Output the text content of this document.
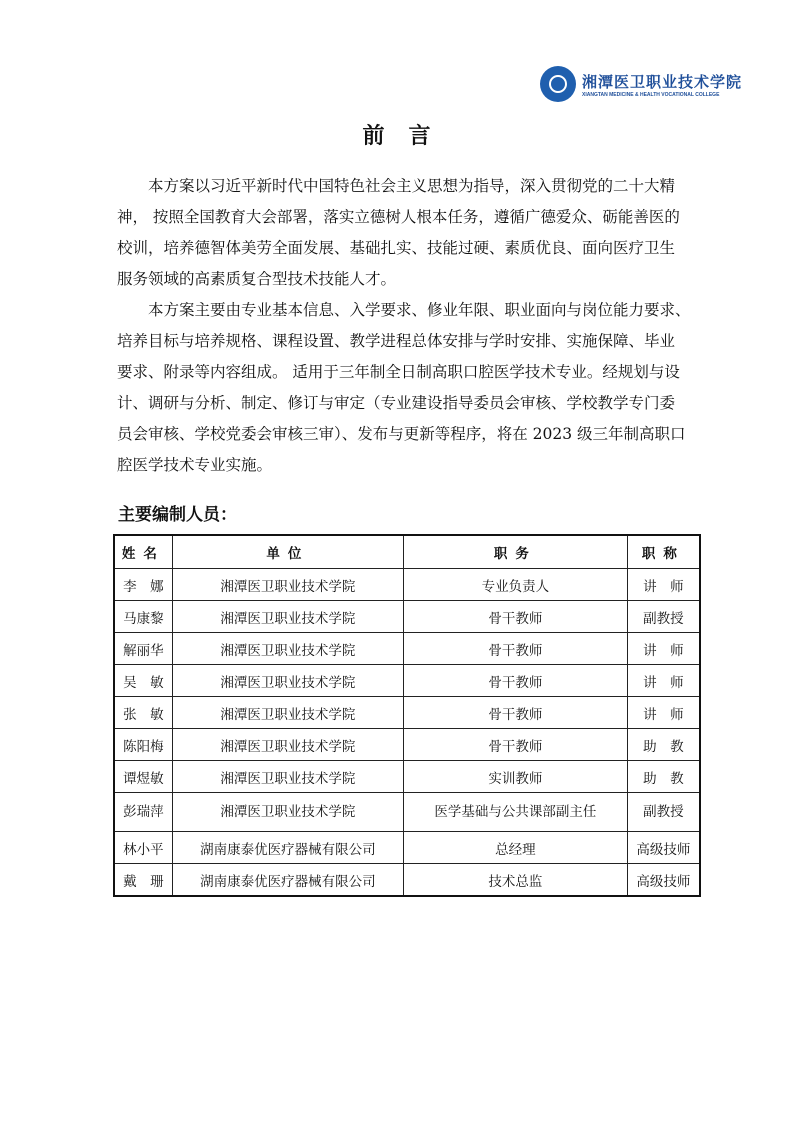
湘潭医卫职业技术学院
XIANGTAN MEDICINE & HEALTH VOCATIONAL COLLEGE
前言
本方案以习近平新时代中国特色社会主义思想为指导，深入贯彻党的二十大精
神， 按照全国教育大会部署，落实立德树人根本任务，遵循广德爱众、砺能善医的
校训，培养德智体美劳全面发展、基础扎实、技能过硬、素质优良、面向医疗卫生
服务领域的高素质复合型技术技能人才。
本方案主要由专业基本信息、入学要求、修业年限、职业面向与岗位能力要求、
培养目标与培养规格、课程设置、教学进程总体安排与学时安排、实施保障、毕业
要求、附录等内容组成。 适用于三年制全日制高职口腔医学技术专业。经规划与设
计、调研与分析、制定、修订与审定（专业建设指导委员会审核、学校教学专门委
员会审核、学校党委会审核三审）、发布与更新等程序，将在 2023 级三年制高职口
腔医学技术专业实施。
主要编制人员：
姓名	单位	职务	职称
李　娜	湘潭医卫职业技术学院	专业负责人	讲　师
马康黎	湘潭医卫职业技术学院	骨干教师	副教授
解丽华	湘潭医卫职业技术学院	骨干教师	讲　师
吴　敏	湘潭医卫职业技术学院	骨干教师	讲　师
张　敏	湘潭医卫职业技术学院	骨干教师	讲　师
陈阳梅	湘潭医卫职业技术学院	骨干教师	助　教
谭煜敏	湘潭医卫职业技术学院	实训教师	助　教
彭瑞萍	湘潭医卫职业技术学院	医学基础与公共课部副主任	副教授
林小平	湖南康泰优医疗器械有限公司	总经理	高级技师
戴　珊	湖南康泰优医疗器械有限公司	技术总监	高级技师
